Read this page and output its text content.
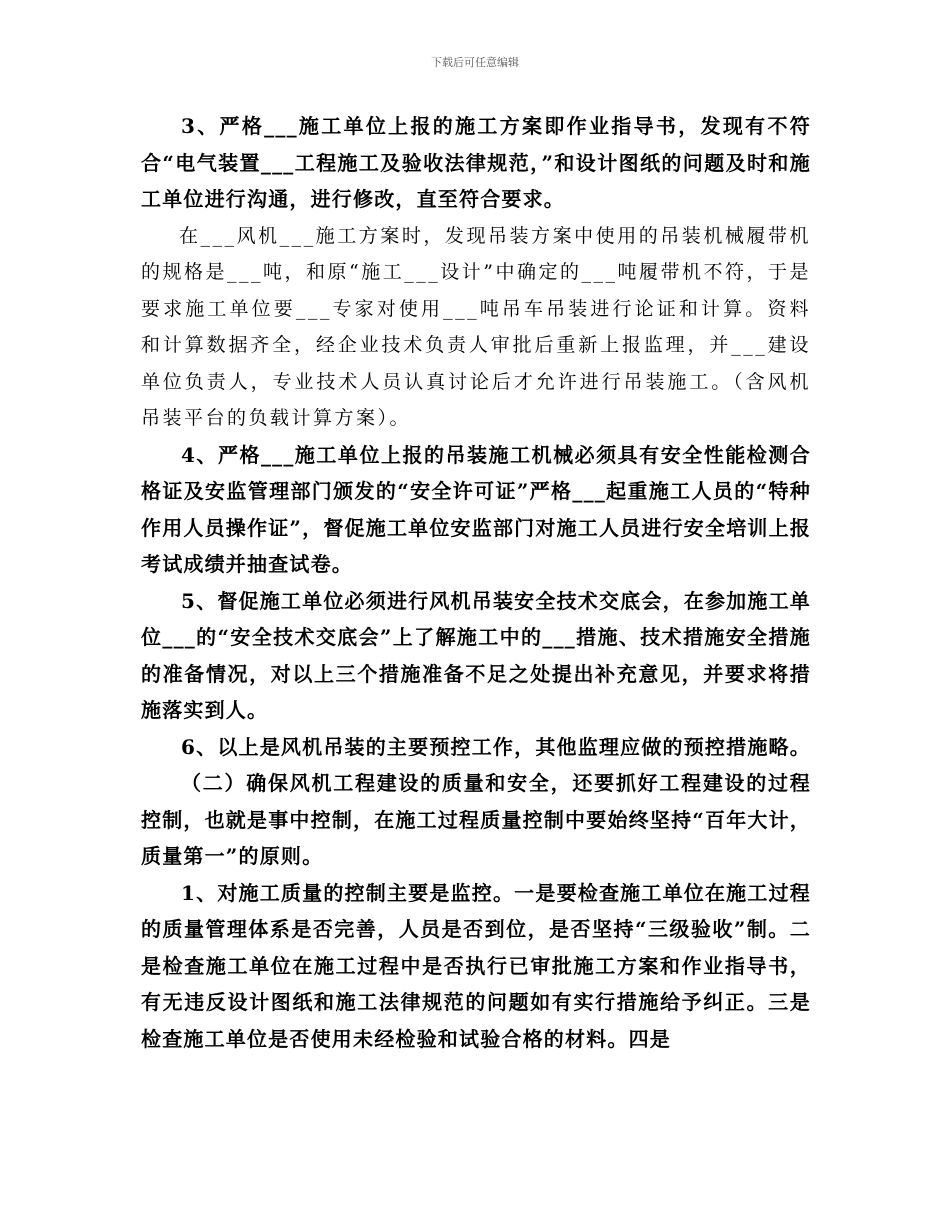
下载后可任意编辑

3、严格___施工单位上报的施工方案即作业指导书，发现有不符合“电气装置___工程施工及验收法律规范，”和设计图纸的问题及时和施工单位进行沟通，进行修改，直至符合要求。

在___风机___施工方案时，发现吊装方案中使用的吊装机械履带机的规格是___吨，和原“施工___设计”中确定的___吨履带机不符，于是要求施工单位要___专家对使用___吨吊车吊装进行论证和计算。资料和计算数据齐全，经企业技术负责人审批后重新上报监理，并___建设单位负责人，专业技术人员认真讨论后才允许进行吊装施工。（含风机吊装平台的负载计算方案）。

4、严格___施工单位上报的吊装施工机械必须具有安全性能检测合格证及安监管理部门颁发的“安全许可证”严格___起重施工人员的“特种作用人员操作证”，督促施工单位安监部门对施工人员进行安全培训上报考试成绩并抽查试卷。

5、督促施工单位必须进行风机吊装安全技术交底会，在参加施工单位___的“安全技术交底会”上了解施工中的___措施、技术措施安全措施的准备情况，对以上三个措施准备不足之处提出补充意见，并要求将措施落实到人。

6、以上是风机吊装的主要预控工作，其他监理应做的预控措施略。

（二）确保风机工程建设的质量和安全，还要抓好工程建设的过程控制，也就是事中控制，在施工过程质量控制中要始终坚持“百年大计，质量第一”的原则。

1、对施工质量的控制主要是监控。一是要检查施工单位在施工过程的质量管理体系是否完善，人员是否到位，是否坚持“三级验收”制。二是检查施工单位在施工过程中是否执行已审批施工方案和作业指导书，有无违反设计图纸和施工法律规范的问题如有实行措施给予纠正。三是检查施工单位是否使用未经检验和试验合格的材料。四是
